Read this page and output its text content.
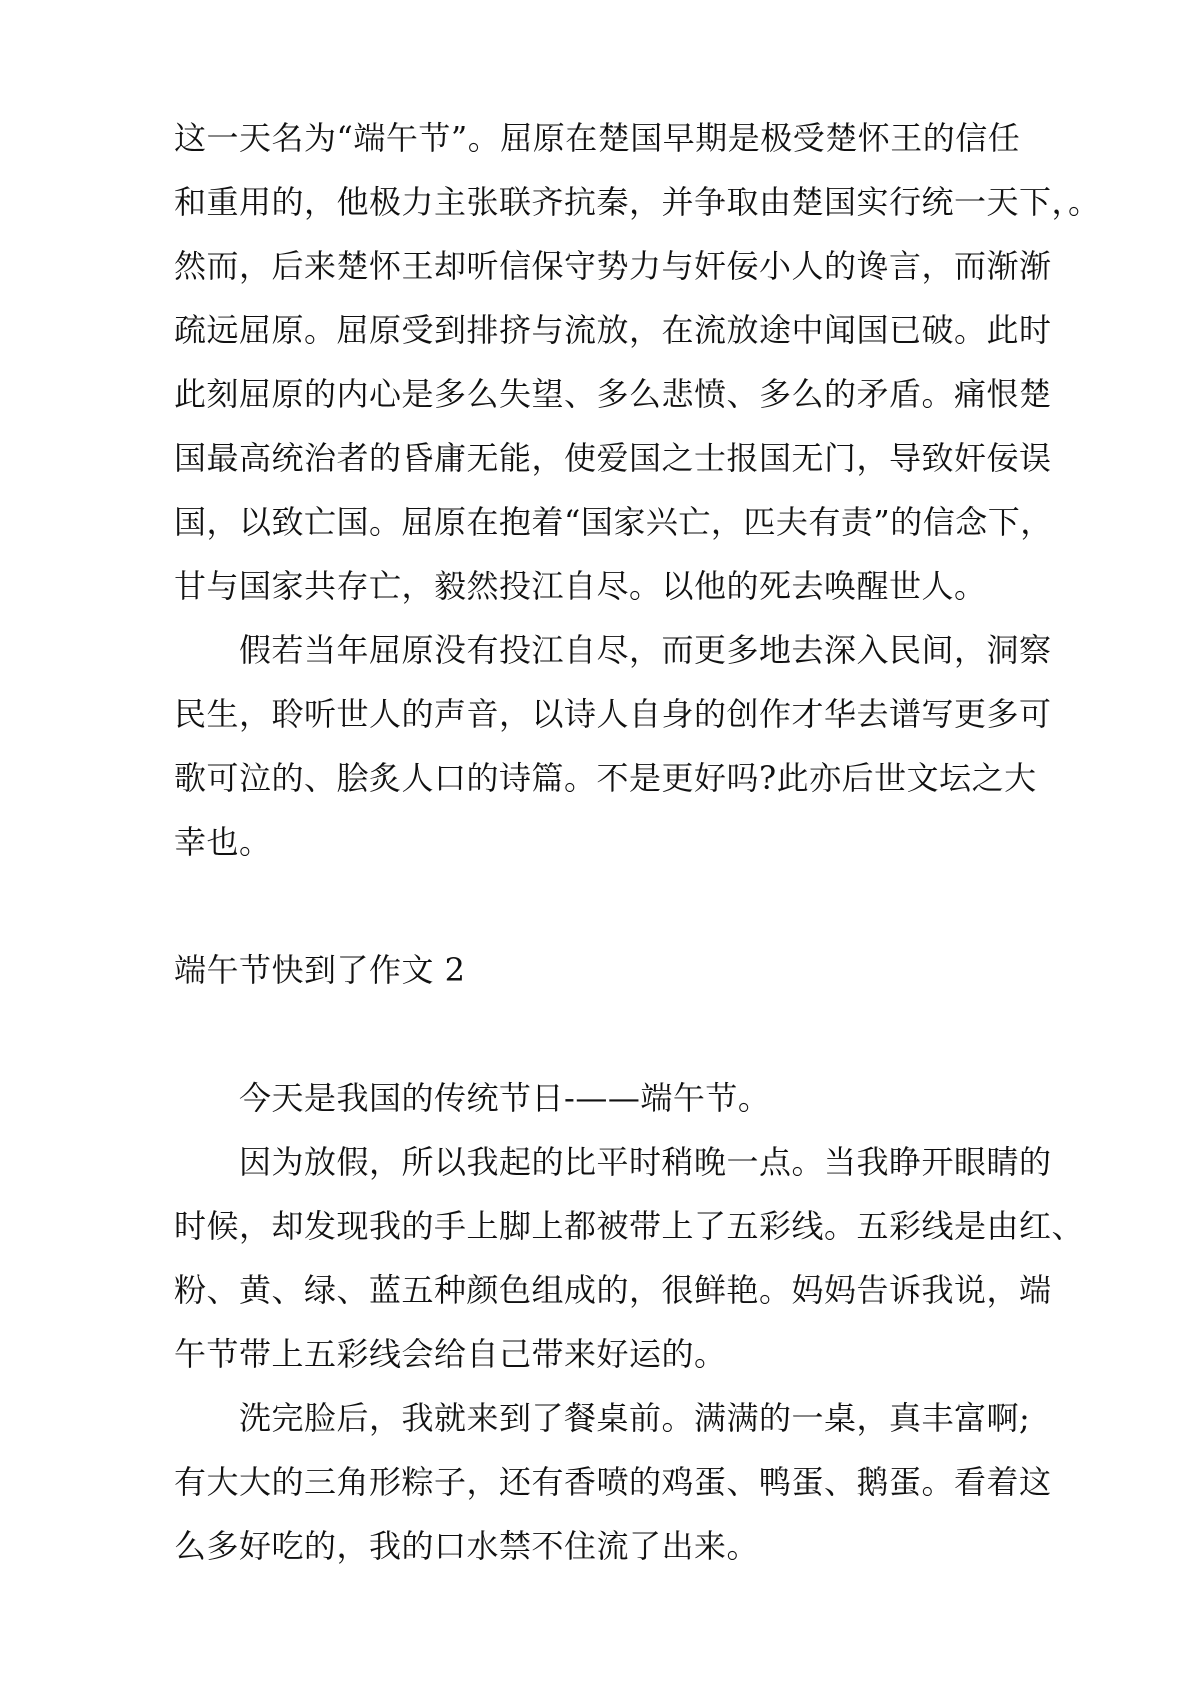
这一天名为“端午节”。屈原在楚国早期是极受楚怀王的信任
和重用的，他极力主张联齐抗秦，并争取由楚国实行统一天下，。
然而，后来楚怀王却听信保守势力与奸佞小人的谗言，而渐渐
疏远屈原。屈原受到排挤与流放，在流放途中闻国已破。此时
此刻屈原的内心是多么失望、多么悲愤、多么的矛盾。痛恨楚
国最高统治者的昏庸无能，使爱国之士报国无门，导致奸佞误
国，以致亡国。屈原在抱着“国家兴亡，匹夫有责”的信念下，
甘与国家共存亡，毅然投江自尽。以他的死去唤醒世人。
假若当年屈原没有投江自尽，而更多地去深入民间，洞察
民生，聆听世人的声音，以诗人自身的创作才华去谱写更多可
歌可泣的、脍炙人口的诗篇。不是更好吗?此亦后世文坛之大
幸也。
端午节快到了作文 2
今天是我国的传统节日-——端午节。
因为放假，所以我起的比平时稍晚一点。当我睁开眼睛的
时候，却发现我的手上脚上都被带上了五彩线。五彩线是由红、
粉、黄、绿、蓝五种颜色组成的，很鲜艳。妈妈告诉我说，端
午节带上五彩线会给自己带来好运的。
洗完脸后，我就来到了餐桌前。满满的一桌，真丰富啊;
有大大的三角形粽子，还有香喷的鸡蛋、鸭蛋、鹅蛋。看着这
么多好吃的，我的口水禁不住流了出来。
